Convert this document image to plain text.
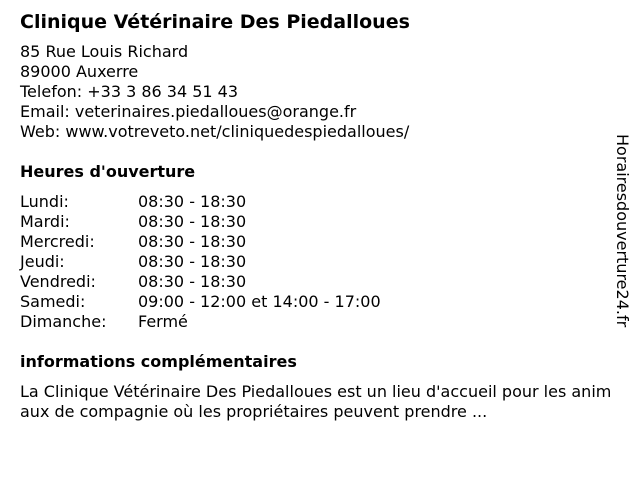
Clinique Vétérinaire Des Piedalloues
85 Rue Louis Richard
89000 Auxerre
Telefon: +33 3 86 34 51 43
Email: veterinaires.piedalloues@orange.fr
Web: www.votreveto.net/cliniquedespiedalloues/
Heures d'ouverture
Lundi:	08:30 - 18:30
Mardi:	08:30 - 18:30
Mercredi:	08:30 - 18:30
Jeudi:	08:30 - 18:30
Vendredi:	08:30 - 18:30
Samedi:	09:00 - 12:00 et 14:00 - 17:00
Dimanche:	Fermé
informations complémentaires
La Clinique Vétérinaire Des Piedalloues est un lieu d'accueil pour les animaux de compagnie où les propriétaires peuvent prendre ...
Horairesdouverture24.fr
